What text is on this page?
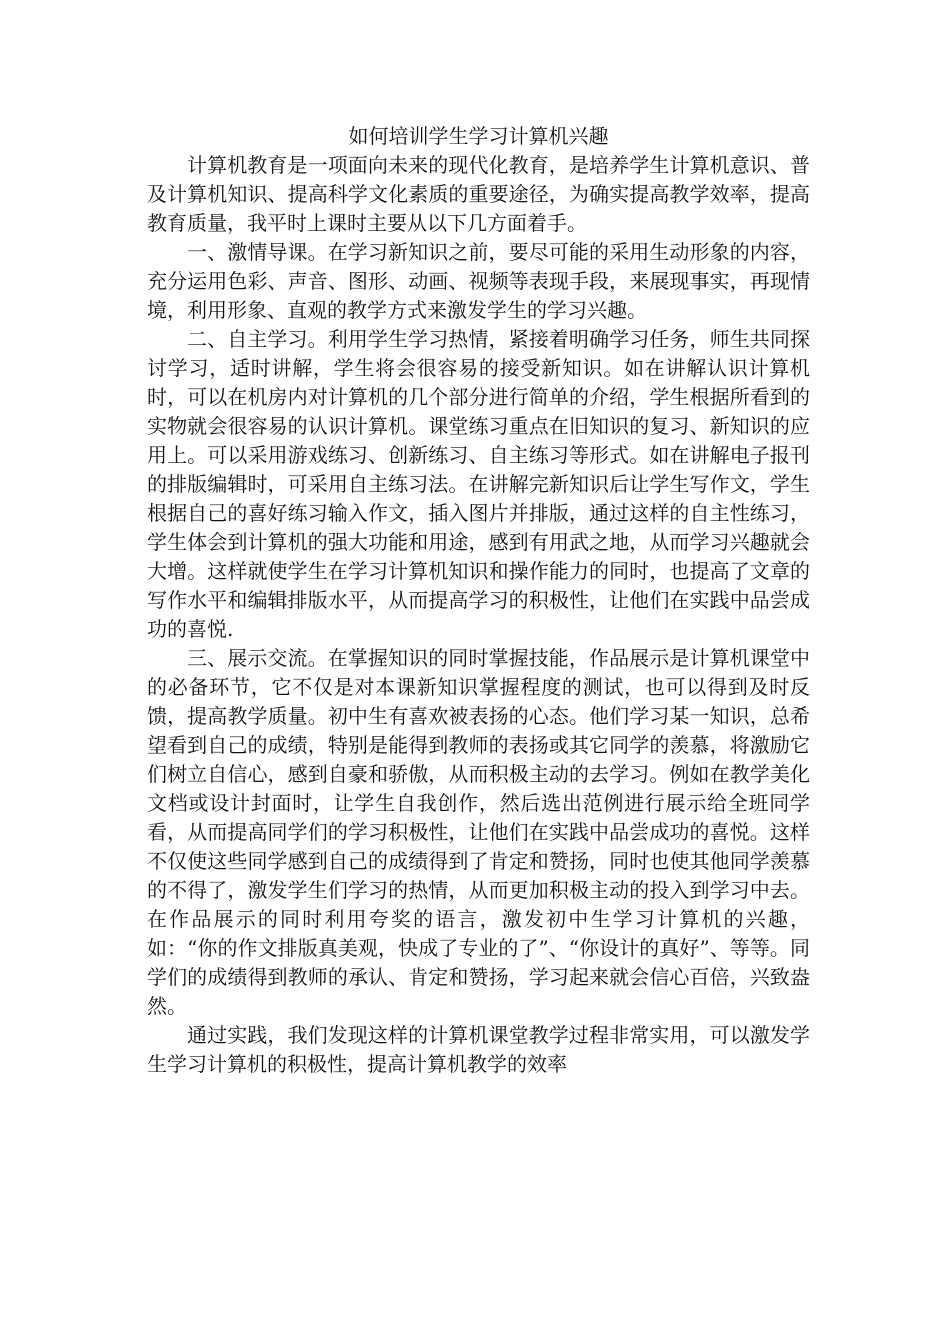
如何培训学生学习计算机兴趣

计算机教育是一项面向未来的现代化教育，是培养学生计算机意识、普及计算机知识、提高科学文化素质的重要途径，为确实提高教学效率，提高教育质量，我平时上课时主要从以下几方面着手。

一、激情导课。在学习新知识之前，要尽可能的采用生动形象的内容，充分运用色彩、声音、图形、动画、视频等表现手段，来展现事实，再现情境，利用形象、直观的教学方式来激发学生的学习兴趣。

二、自主学习。利用学生学习热情，紧接着明确学习任务，师生共同探讨学习，适时讲解，学生将会很容易的接受新知识。如在讲解认识计算机时，可以在机房内对计算机的几个部分进行简单的介绍，学生根据所看到的实物就会很容易的认识计算机。课堂练习重点在旧知识的复习、新知识的应用上。可以采用游戏练习、创新练习、自主练习等形式。如在讲解电子报刊的排版编辑时，可采用自主练习法。在讲解完新知识后让学生写作文，学生根据自己的喜好练习输入作文，插入图片并排版，通过这样的自主性练习，学生体会到计算机的强大功能和用途，感到有用武之地，从而学习兴趣就会大增。这样就使学生在学习计算机知识和操作能力的同时，也提高了文章的写作水平和编辑排版水平，从而提高学习的积极性，让他们在实践中品尝成功的喜悦.

三、展示交流。在掌握知识的同时掌握技能，作品展示是计算机课堂中的必备环节，它不仅是对本课新知识掌握程度的测试，也可以得到及时反馈，提高教学质量。初中生有喜欢被表扬的心态。他们学习某一知识，总希望看到自己的成绩，特别是能得到教师的表扬或其它同学的羡慕，将激励它们树立自信心，感到自豪和骄傲，从而积极主动的去学习。例如在教学美化文档或设计封面时，让学生自我创作，然后选出范例进行展示给全班同学看，从而提高同学们的学习积极性，让他们在实践中品尝成功的喜悦。这样不仅使这些同学感到自己的成绩得到了肯定和赞扬，同时也使其他同学羡慕的不得了，激发学生们学习的热情，从而更加积极主动的投入到学习中去。在作品展示的同时利用夸奖的语言，激发初中生学习计算机的兴趣，如：“你的作文排版真美观，快成了专业的了”、“你设计的真好”、等等。同学们的成绩得到教师的承认、肯定和赞扬，学习起来就会信心百倍，兴致盎然。

通过实践，我们发现这样的计算机课堂教学过程非常实用，可以激发学生学习计算机的积极性，提高计算机教学的效率
